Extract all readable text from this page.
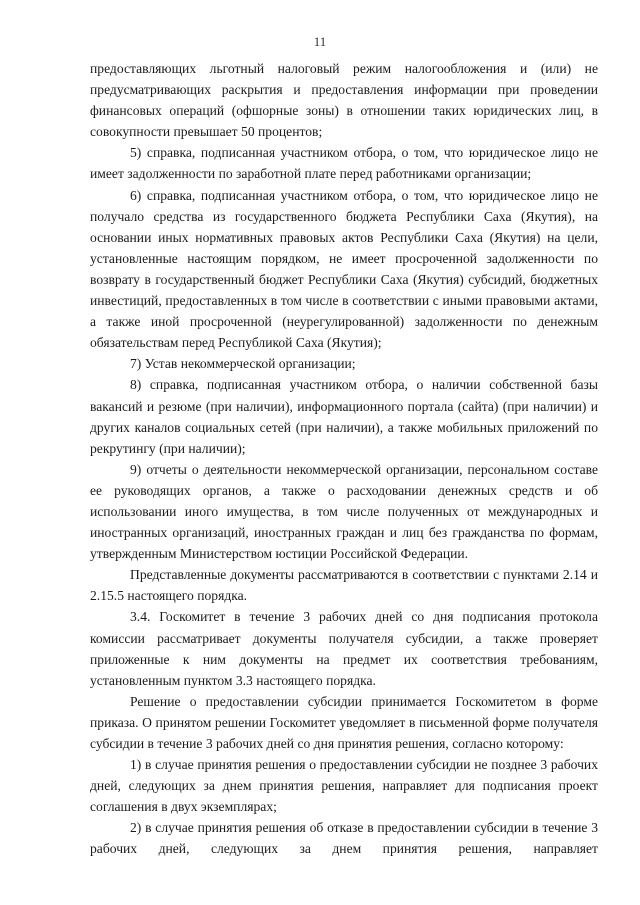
11

предоставляющих льготный налоговый режим налогообложения и (или) не предусматривающих раскрытия и предоставления информации при проведении финансовых операций (офшорные зоны) в отношении таких юридических лиц, в совокупности превышает 50 процентов;

5) справка, подписанная участником отбора, о том, что юридическое лицо не имеет задолженности по заработной плате перед работниками организации;

6) справка, подписанная участником отбора, о том, что юридическое лицо не получало средства из государственного бюджета Республики Саха (Якутия), на основании иных нормативных правовых актов Республики Саха (Якутия) на цели, установленные настоящим порядком, не имеет просроченной задолженности по возврату в государственный бюджет Республики Саха (Якутия) субсидий, бюджетных инвестиций, предоставленных в том числе в соответствии с иными правовыми актами, а также иной просроченной (неурегулированной) задолженности по денежным обязательствам перед Республикой Саха (Якутия);

7) Устав некоммерческой организации;

8) справка, подписанная участником отбора, о наличии собственной базы вакансий и резюме (при наличии), информационного портала (сайта) (при наличии) и других каналов социальных сетей (при наличии), а также мобильных приложений по рекрутингу (при наличии);

9) отчеты о деятельности некоммерческой организации, персональном составе ее руководящих органов, а также о расходовании денежных средств и об использовании иного имущества, в том числе полученных от международных и иностранных организаций, иностранных граждан и лиц без гражданства по формам, утвержденным Министерством юстиции Российской Федерации.

Представленные документы рассматриваются в соответствии с пунктами 2.14 и 2.15.5 настоящего порядка.

3.4. Госкомитет в течение 3 рабочих дней со дня подписания протокола комиссии рассматривает документы получателя субсидии, а также проверяет приложенные к ним документы на предмет их соответствия требованиям, установленным пунктом 3.3 настоящего порядка.

Решение о предоставлении субсидии принимается Госкомитетом в форме приказа. О принятом решении Госкомитет уведомляет в письменной форме получателя субсидии в течение 3 рабочих дней со дня принятия решения, согласно которому:

1) в случае принятия решения о предоставлении субсидии не позднее 3 рабочих дней, следующих за днем принятия решения, направляет для подписания проект соглашения в двух экземплярах;

2) в случае принятия решения об отказе в предоставлении субсидии в течение 3 рабочих дней, следующих за днем принятия решения, направляет
